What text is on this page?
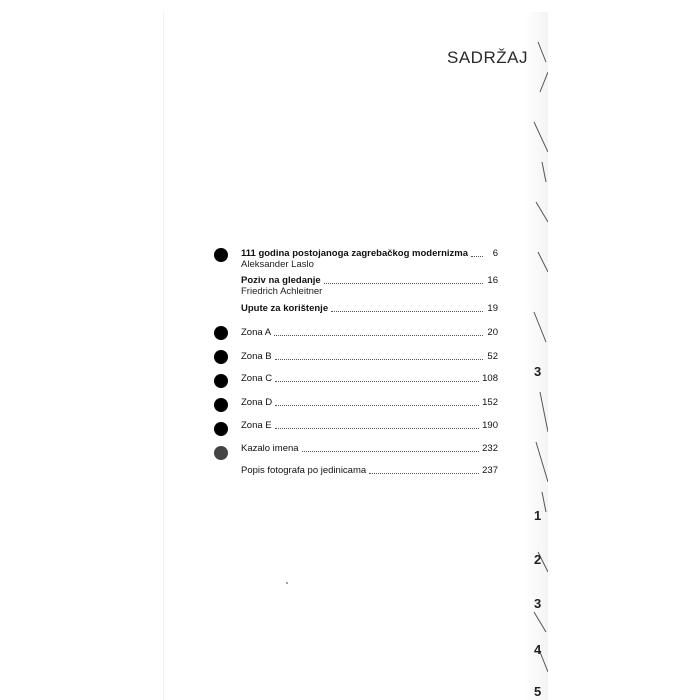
3
1
2
3
4
5
SADRŽAJ
111 godina postojanoga zagrebačkog modernizma	6
Aleksander Laslo
Poziv na gledanje	16
Friedrich Achleitner
Upute za korištenje	19
Zona A	20
Zona B	52
Zona C	108
Zona D	152
Zona E	190
Kazalo imena	232
Popis fotografa po jedinicama	237
